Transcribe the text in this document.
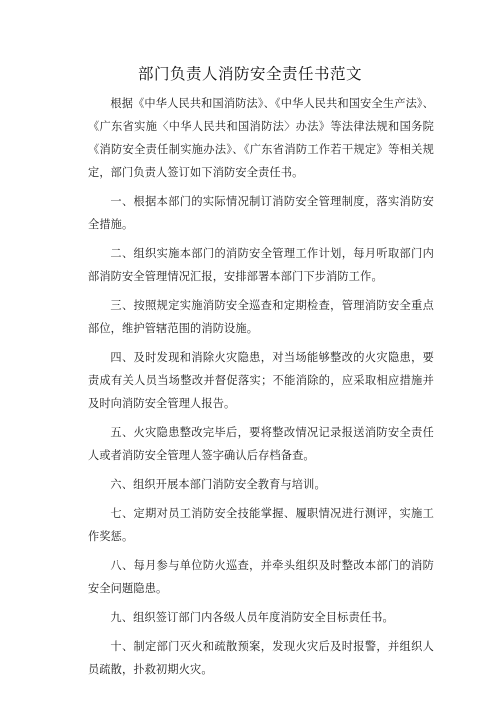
部门负责人消防安全责任书范文

根据《中华人民共和国消防法》、《中华人民共和国安全生产法》、《广东省实施〈中华人民共和国消防法〉办法》等法律法规和国务院《消防安全责任制实施办法》、《广东省消防工作若干规定》等相关规定，部门负责人签订如下消防安全责任书。

一、根据本部门的实际情况制订消防安全管理制度，落实消防安全措施。

二、组织实施本部门的消防安全管理工作计划，每月听取部门内部消防安全管理情况汇报，安排部署本部门下步消防工作。

三、按照规定实施消防安全巡查和定期检查，管理消防安全重点部位，维护管辖范围的消防设施。

四、及时发现和消除火灾隐患，对当场能够整改的火灾隐患，要责成有关人员当场整改并督促落实；不能消除的，应采取相应措施并及时向消防安全管理人报告。

五、火灾隐患整改完毕后，要将整改情况记录报送消防安全责任人或者消防安全管理人签字确认后存档备查。

六、组织开展本部门消防安全教育与培训。

七、定期对员工消防安全技能掌握、履职情况进行测评，实施工作奖惩。

八、每月参与单位防火巡查，并牵头组织及时整改本部门的消防安全问题隐患。

九、组织签订部门内各级人员年度消防安全目标责任书。

十、制定部门灭火和疏散预案，发现火灾后及时报警，并组织人员疏散，扑救初期火灾。
